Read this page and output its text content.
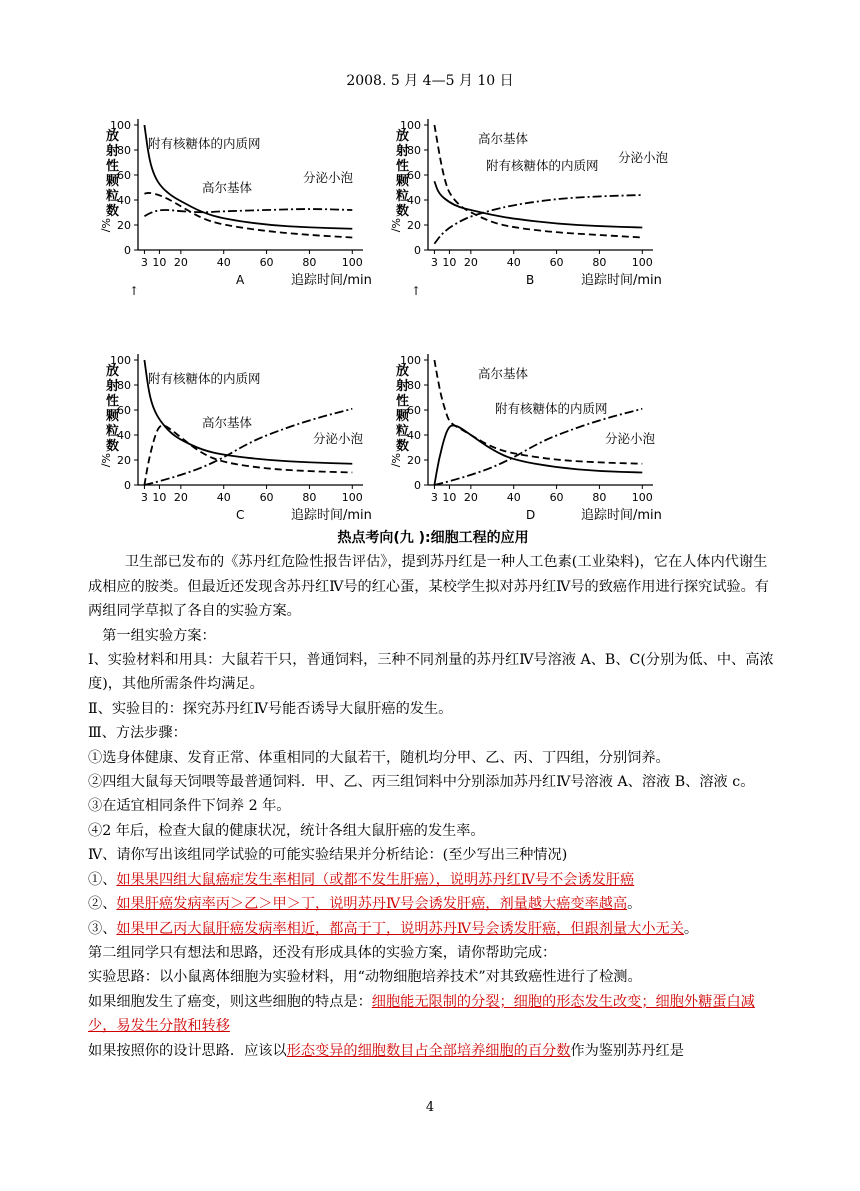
2008. 5 月 4—5 月 10 日
0
20
40
60
80
100
3 10 20	40	60	80 100
放
射
性
颗
粒
数
%/
追踪时间/min
A
附有核糖体的内质网
高尔基体
分泌小泡
0
20
40
60
80
100
3 10 20	40	60	80 100
放
射
性
颗
粒
数
%/
追踪时间/min
B
高尔基体
附有核糖体的内质网
分泌小泡
0
20
40
60
80
100
3 10 20	40	60	80 100
放
射
性
颗
粒
数
%/
追踪时间/min
C
附有核糖体的内质网
高尔基体
分泌小泡
0
20
40
60
80
100
3 10 20	40	60	80 100
放
射
性
颗
粒
数
%/
追踪时间/min
D
高尔基体
附有核糖体的内质网
分泌小泡
↑	↑

热点考向(九 ):细胞工程的应用

卫生部已发布的《苏丹红危险性报告评估》，提到苏丹红是一种人工色素(工业染料)，它在人体内代谢生成相应的胺类。但最近还发现含苏丹红Ⅳ号的红心蛋，某校学生拟对苏丹红Ⅳ号的致癌作用进行探究试验。有两组同学草拟了各自的实验方案。

第一组实验方案：

I、实验材料和用具：大鼠若干只，普通饲料，三种不同剂量的苏丹红Ⅳ号溶液 A、B、C(分别为低、中、高浓度)，其他所需条件均满足。

Ⅱ、实验目的：探究苏丹红Ⅳ号能否诱导大鼠肝癌的发生。

Ⅲ、方法步骤：

①选身体健康、发育正常、体重相同的大鼠若干，随机均分甲、乙、丙、丁四组，分别饲养。

②四组大鼠每天饲喂等最普通饲料．甲、乙、丙三组饲料中分别添加苏丹红Ⅳ号溶液 A、溶液 B、溶液 c。

③在适宜相同条件下饲养 2 年。

④2 年后，检查大鼠的健康状况，统计各组大鼠肝癌的发生率。

Ⅳ、请你写出该组同学试验的可能实验结果并分析结论：(至少写出三种情况)

①、如果果四组大鼠癌症发生率相同（或都不发生肝癌），说明苏丹红Ⅳ号不会诱发肝癌

②、如果肝癌发病率丙＞乙＞甲＞丁，说明苏丹Ⅳ号会诱发肝癌，剂量越大癌变率越高。

③、如果甲乙丙大鼠肝癌发病率相近，都高于丁，说明苏丹Ⅳ号会诱发肝癌，但跟剂量大小无关。

第二组同学只有想法和思路，还没有形成具体的实验方案，请你帮助完成：

实验思路：以小鼠离体细胞为实验材料，用“动物细胞培养技术”对其致癌性进行了检测。

如果细胞发生了癌变，则这些细胞的特点是：细胞能无限制的分裂；细胞的形态发生改变；细胞外糖蛋白减少，易发生分散和转移

如果按照你的设计思路．应该以形态变异的细胞数目占全部培养细胞的百分数作为鉴别苏丹红是

4
